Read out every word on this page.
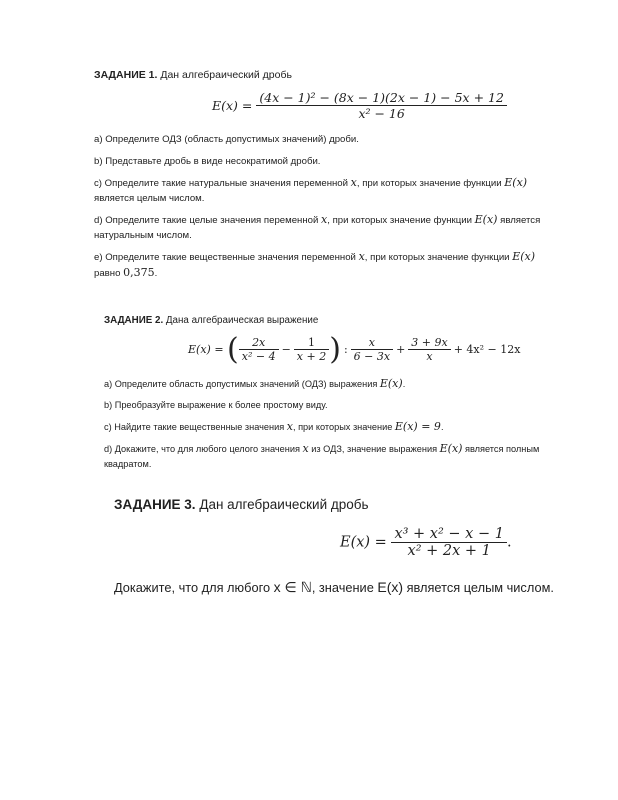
ЗАДАНИЕ 1. Дан алгебраический дробь
$E(x) = \frac{\text{(4x − 1)² − (8x − 1)(2x − 1) − 5x + 12}}{\text{x² − 16}}$

a) Определите ОДЗ (область допустимых значений) дроби.

b) Представьте дробь в виде несократимой дроби.

c) Определите такие натуральные значения переменной x, при которых значение функции E(x)
является целым числом.

d) Определите такие целые значения переменной x, при которых значение функции E(x) является
натуральным числом.

e) Определите такие вещественные значения переменной x, при которых значение функции E(x)
равно 0,375.

ЗАДАНИЕ 2. Дана алгебраическая выражение
E(x) = ( $\frac{2x}{\text{x² − 4}} - \frac{1}{x + 2}$ ) : $\frac{x}{6 - 3x} + \frac{3 + 9x}{x} + 4x^2 - 12x$

a) Определите область допустимых значений (ОДЗ) выражения E(x).

b) Преобразуйте выражение к более простому виду.

c) Найдите такие вещественные значения x, при которых значение E(x) = 9.

d) Докажите, что для любого целого значения x из ОДЗ, значение выражения E(x) является полным
квадратом.

ЗАДАНИЕ 3. Дан алгебраический дробь
$E(x) = \frac{\text{x³ + x² − x − 1}}{\text{x² + 2x + 1}}$ .
Докажите, что для любого x ∈ ℕ, значение E(x) является целым числом.
